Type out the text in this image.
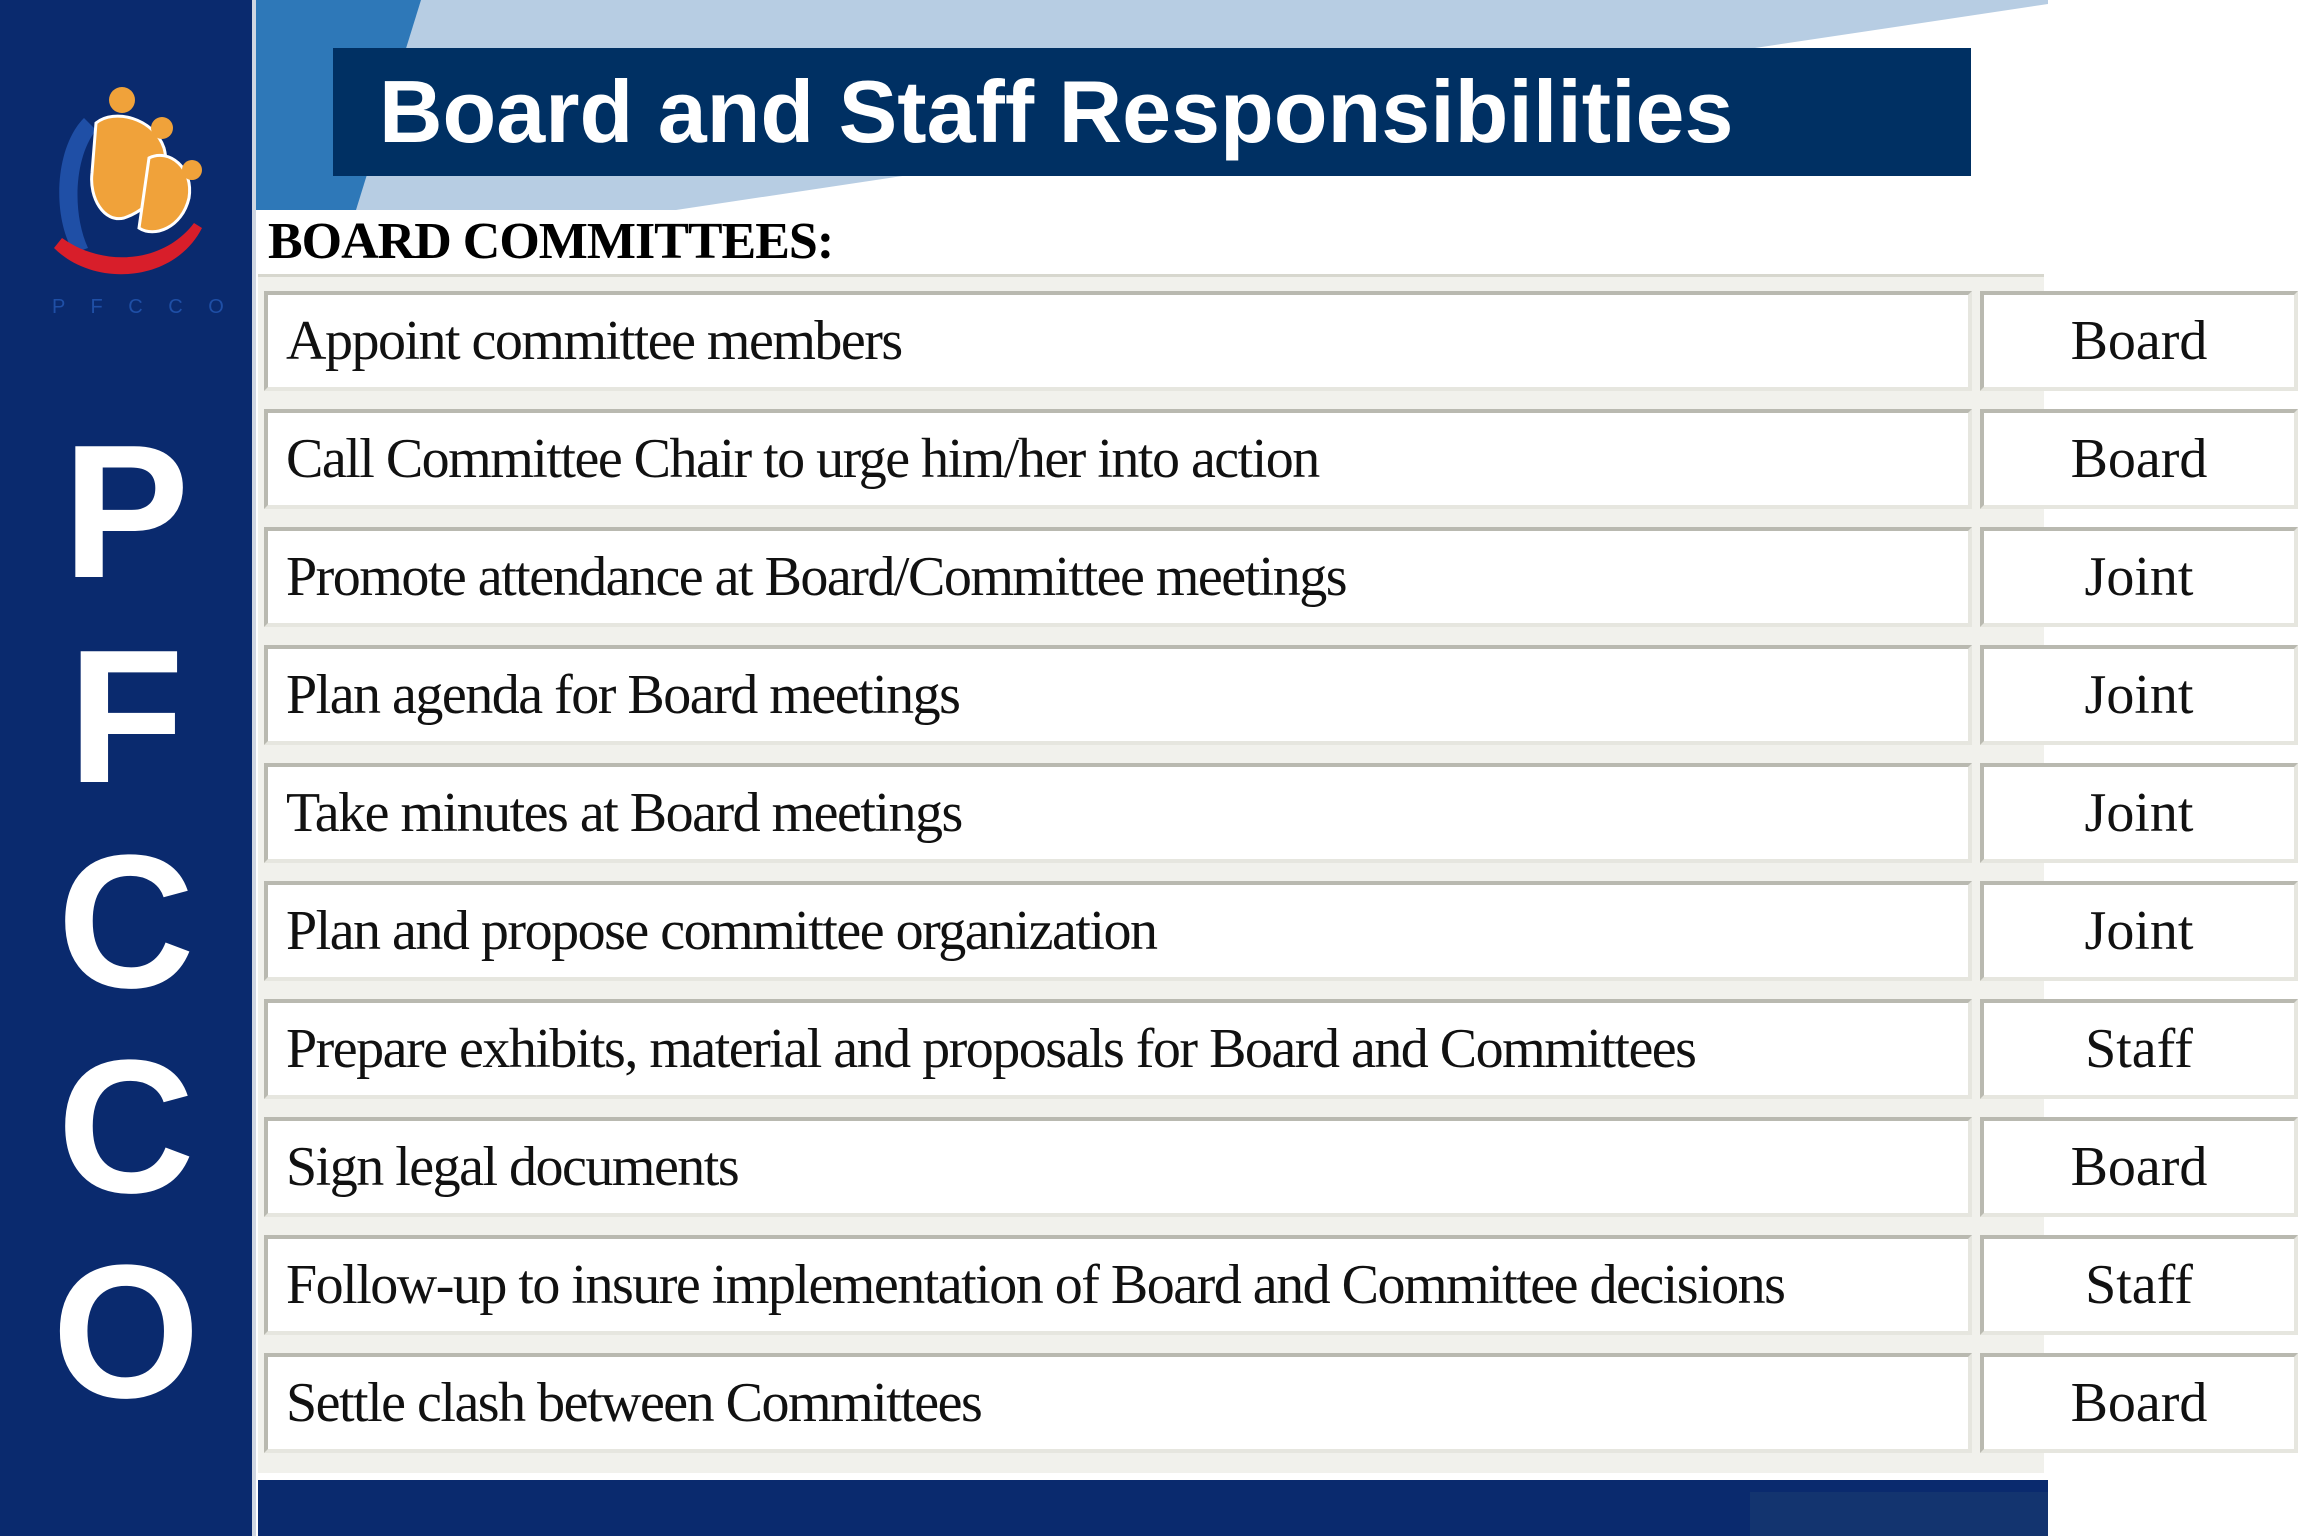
P F C C O
P
F
C
C
O
Board and Staff Responsibilities
BOARD COMMITTEES:
Appoint committee members	Board
Call Committee Chair to urge him/her into action	Board
Promote attendance at Board/Committee meetings	Joint
Plan agenda for Board meetings	Joint
Take minutes at Board meetings	Joint
Plan and propose committee organization	Joint
Prepare exhibits, material and proposals for Board and Committees	Staff
Sign legal documents	Board
Follow-up to insure implementation of Board and Committee decisions	Staff
Settle clash between Committees	Board
